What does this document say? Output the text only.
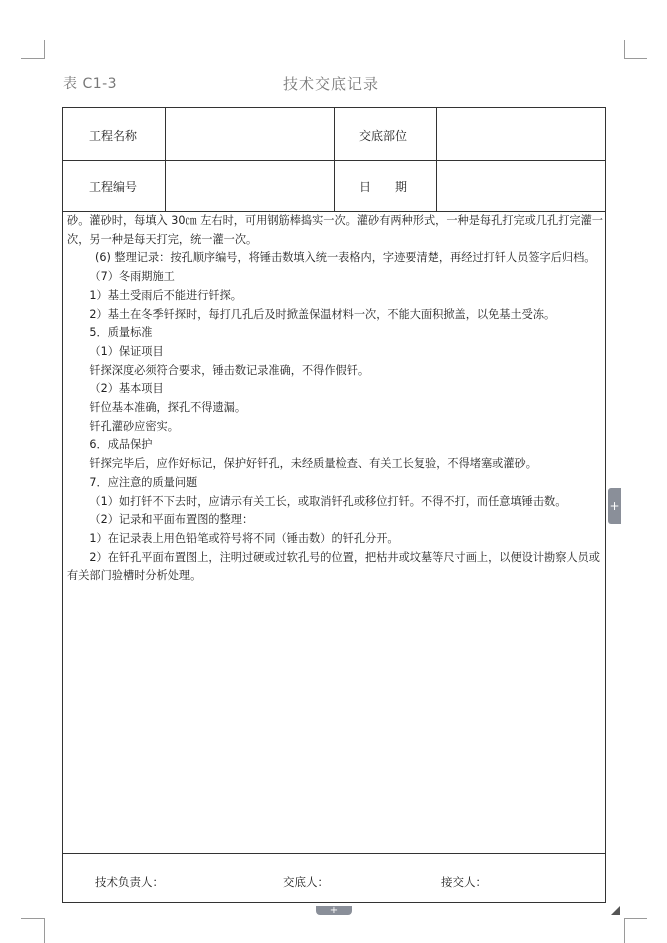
表 C1-3	技术交底记录
工程名称	交底部位
工程编号	日　　期

砂。灌砂时，每填入 30㎝ 左右时，可用钢筋棒捣实一次。灌砂有两种形式，一种是每孔打完或几孔打完灌一次，另一种是每天打完，统一灌一次。

(6) 整理记录：按孔顺序编号，将锤击数填入统一表格内，字迹要清楚，再经过打钎人员签字后归档。

（7）冬雨期施工

1）基土受雨后不能进行钎探。

2）基土在冬季钎探时，每打几孔后及时掀盖保温材料一次，不能大面积掀盖，以免基土受冻。

5．质量标准

（1）保证项目

钎探深度必须符合要求，锤击数记录准确，不得作假钎。

（2）基本项目

钎位基本准确，探孔不得遗漏。

钎孔灌砂应密实。

6．成品保护

钎探完毕后，应作好标记，保护好钎孔，未经质量检查、有关工长复验，不得堵塞或灌砂。

7．应注意的质量问题

（1）如打钎不下去时，应请示有关工长，或取消钎孔或移位打钎。不得不打，而任意填锤击数。

（2）记录和平面布置图的整理：

1）在记录表上用色铅笔或符号将不同（锤击数）的钎孔分开。

2）在钎孔平面布置图上，注明过硬或过软孔号的位置，把枯井或坟墓等尺寸画上，以便设计勘察人员或有关部门验槽时分析处理。

技术负责人：	交底人：	接交人：
+
+
